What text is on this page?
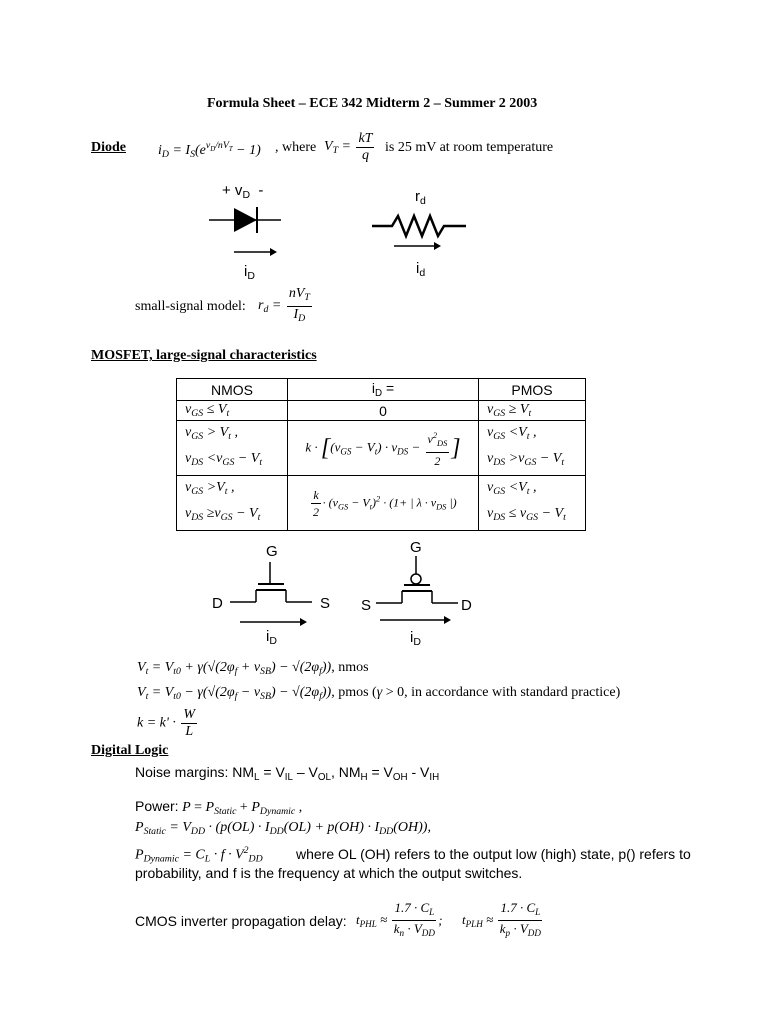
Formula Sheet – ECE 342 Midterm 2 – Summer 2 2003
Diode $i_D = I_S(e^{v_D/nV_T} - 1)$ , where $V_T = \frac{kT}{q}$ is 25 mV at room temperature
+ $v_D$  -
$i_D$
$r_d$
$i_d$
small-signal model: $r_d = \frac{nV_T}{I_D}$
MOSFET, large-signal characteristics
NMOS	$i_D$ =	PMOS
$v_{GS} \le V_t$	0	$v_{GS} \ge V_t$
$v_{GS} > V_t$ ,
$v_{DS} <v_{GS} - V_t$	$k \cdot [(v_{GS} - V_t) \cdot v_{DS} - \frac{v^2_{DS}}{2}$ ]	$v_{GS} <V_t$ ,
$v_{DS} >v_{GS} - V_t$
$v_{GS} >V_t$ ,
$v_{DS} \ge v_{GS} - V_t$	$\frac{k}{2} \cdot (v_{GS} - V_t)^2 \cdot (1+$ | $\lambda \cdot v_{DS}$ |)	$v_{GS} <V_t$ ,
$v_{DS} \le v_{GS} - V_t$
G
D	S
$i_D$
G
S	D
$i_D$
$V_t = V_{t0} + \gamma(√(2\varphi_f + v_{SB}) - √(2\varphi_f))$, nmos
$V_t = V_{t0} - \gamma(√(2\varphi_f - v_{SB}) - √(2\varphi_f))$, pmos (γ > 0, in accordance with standard practice)
$k = k' \cdot \frac{W}{L}$
Digital Logic
Noise margins: $NM_L = V_{IL} - V_{OL}$, $NM_H = V_{OH} - V_{IH}$
Power: $P = P_{Static} + P_{Dynamic}$ ,
$P_{Static} = V_{DD} \cdot (p(OL) \cdot I_{DD}(OL) + p(OH) \cdot I_{DD}(OH))$,
$P_{Dynamic} = C_L \cdot f \cdot V^2_{DD}$ where OL (OH) refers to the output low (high) state, p() refers to
probability, and f is the frequency at which the output switches.
CMOS inverter propagation delay: $t_{PHL} \approx \frac{1.7 \cdot C_L}{k_n \cdot V_{DD}}$ ; $t_{PLH} \approx \frac{1.7 \cdot C_L}{k_p \cdot V_{DD}}$
